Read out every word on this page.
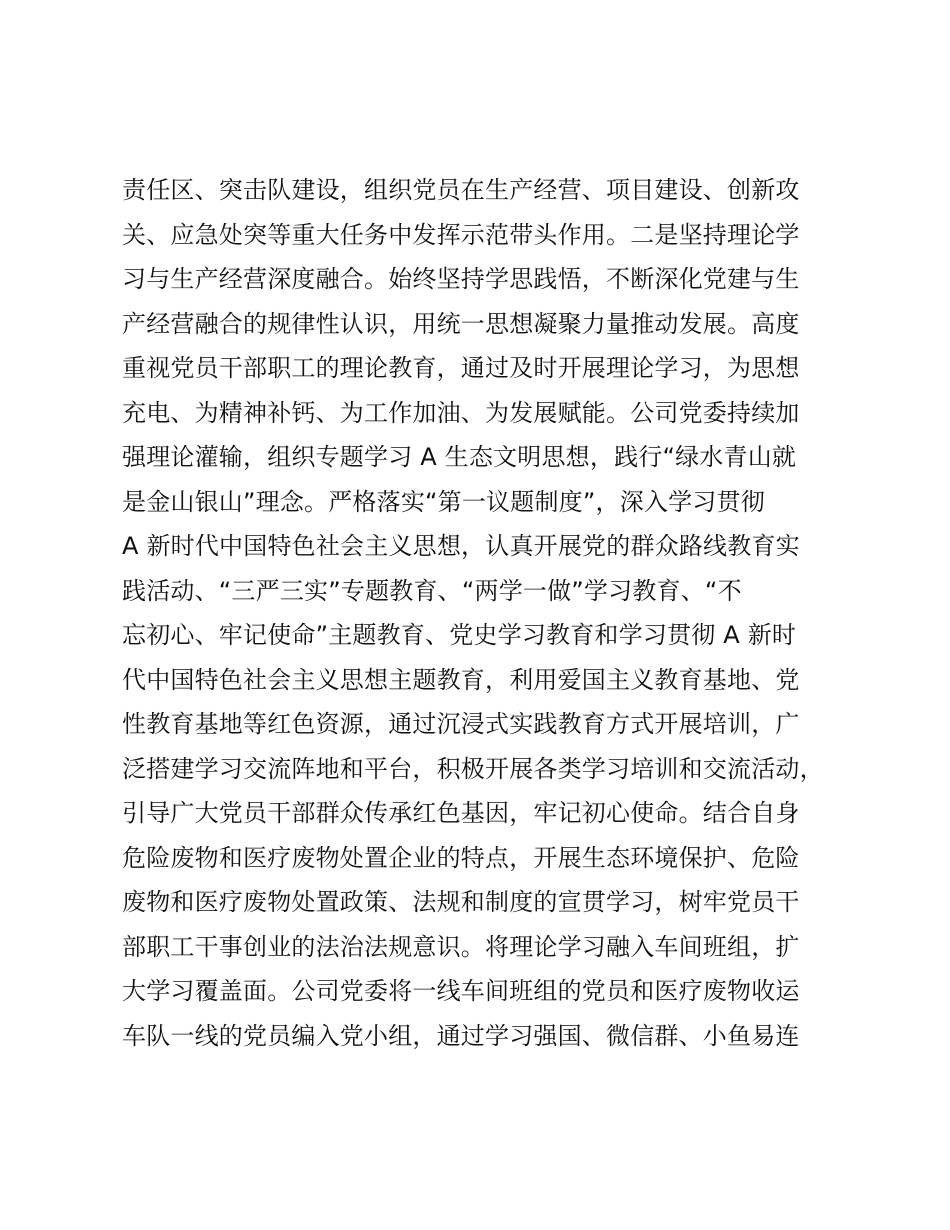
责任区、突击队建设，组织党员在生产经营、项目建设、创新攻
关、应急处突等重大任务中发挥示范带头作用。二是坚持理论学
习与生产经营深度融合。始终坚持学思践悟，不断深化党建与生
产经营融合的规律性认识，用统一思想凝聚力量推动发展。高度
重视党员干部职工的理论教育，通过及时开展理论学习，为思想
充电、为精神补钙、为工作加油、为发展赋能。公司党委持续加
强理论灌输，组织专题学习 A 生态文明思想，践行“绿水青山就
是金山银山”理念。严格落实“第一议题制度”，深入学习贯彻
A 新时代中国特色社会主义思想，认真开展党的群众路线教育实
践活动、“三严三实”专题教育、“两学一做”学习教育、“不
忘初心、牢记使命”主题教育、党史学习教育和学习贯彻 A 新时
代中国特色社会主义思想主题教育，利用爱国主义教育基地、党
性教育基地等红色资源，通过沉浸式实践教育方式开展培训，广
泛搭建学习交流阵地和平台，积极开展各类学习培训和交流活动，
引导广大党员干部群众传承红色基因，牢记初心使命。结合自身
危险废物和医疗废物处置企业的特点，开展生态环境保护、危险
废物和医疗废物处置政策、法规和制度的宣贯学习，树牢党员干
部职工干事创业的法治法规意识。将理论学习融入车间班组，扩
大学习覆盖面。公司党委将一线车间班组的党员和医疗废物收运
车队一线的党员编入党小组，通过学习强国、微信群、小鱼易连
